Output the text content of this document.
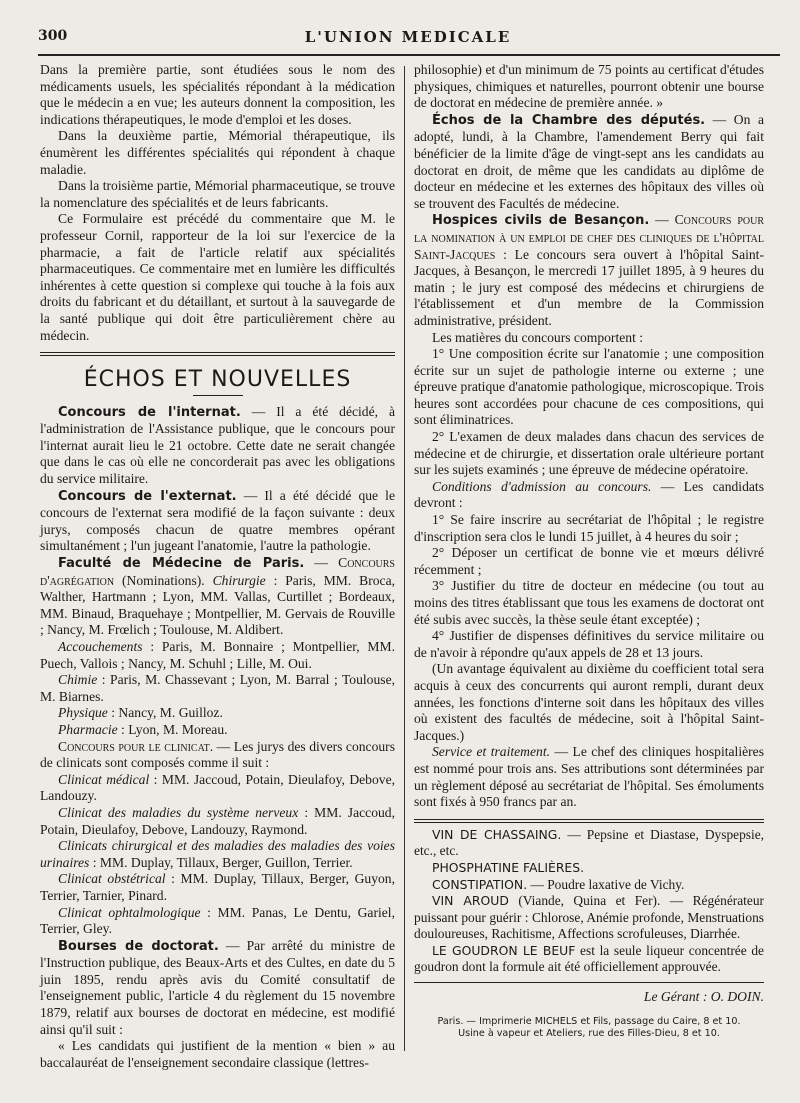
300	L'UNION MEDICALE

Dans la première partie, sont étudiées sous le nom des médicaments usuels, les spécialités répondant à la médication que le médecin a en vue; les auteurs donnent la composition, les indications thérapeutiques, le mode d'emploi et les doses.

Dans la deuxième partie, Mémorial thérapeutique, ils énumèrent les différentes spécialités qui répondent à chaque maladie.

Dans la troisième partie, Mémorial pharmaceutique, se trouve la nomenclature des spécialités et de leurs fabricants.

Ce Formulaire est précédé du commentaire que M. le professeur Cornil, rapporteur de la loi sur l'exercice de la pharmacie, a fait de l'article relatif aux spécialités pharmaceutiques. Ce commentaire met en lumière les difficultés inhérentes à cette question si complexe qui touche à la fois aux droits du fabricant et du détaillant, et surtout à la sauvegarde de la santé publique qui doit être particulièrement chère au médecin.

ÉCHOS ET NOUVELLES

Concours de l'internat. — Il a été décidé, à l'administration de l'Assistance publique, que le concours pour l'internat aurait lieu le 21 octobre. Cette date ne serait changée que dans le cas où elle ne concorderait pas avec les obligations du service militaire.

Concours de l'externat. — Il a été décidé que le concours de l'externat sera modifié de la façon suivante : deux jurys, composés chacun de quatre membres opérant simultanément ; l'un jugeant l'anatomie, l'autre la pathologie.

Faculté de Médecine de Paris. — Concours d'agrégation (Nominations). Chirurgie : Paris, MM. Broca, Walther, Hartmann ; Lyon, MM. Vallas, Curtillet ; Bordeaux, MM. Binaud, Braquehaye ; Montpellier, M. Gervais de Rouville ; Nancy, M. Frœlich ; Toulouse, M. Aldibert.

Accouchements : Paris, M. Bonnaire ; Montpellier, MM. Puech, Vallois ; Nancy, M. Schuhl ; Lille, M. Oui.

Chimie : Paris, M. Chassevant ; Lyon, M. Barral ; Toulouse, M. Biarnes.

Physique : Nancy, M. Guilloz.

Pharmacie : Lyon, M. Moreau.

Concours pour le clinicat. — Les jurys des divers concours de clinicats sont composés comme il suit :

Clinicat médical : MM. Jaccoud, Potain, Dieulafoy, Debove, Landouzy.

Clinicat des maladies du système nerveux : MM. Jaccoud, Potain, Dieulafoy, Debove, Landouzy, Raymond.

Clinicats chirurgical et des maladies des maladies des voies urinaires : MM. Duplay, Tillaux, Berger, Guillon, Terrier.

Clinicat obstétrical : MM. Duplay, Tillaux, Berger, Guyon, Terrier, Tarnier, Pinard.

Clinicat ophtalmologique : MM. Panas, Le Dentu, Gariel, Terrier, Gley.

Bourses de doctorat. — Par arrêté du ministre de l'Instruction publique, des Beaux-Arts et des Cultes, en date du 5 juin 1895, rendu après avis du Comité consultatif de l'enseignement public, l'article 4 du règlement du 15 novembre 1879, relatif aux bourses de doctorat en médecine, est modifié ainsi qu'il suit :

« Les candidats qui justifient de la mention « bien » au baccalauréat de l'enseignement secondaire classique (lettres-

philosophie) et d'un minimum de 75 points au certificat d'études physiques, chimiques et naturelles, pourront obtenir une bourse de doctorat en médecine de première année. »

Échos de la Chambre des députés. — On a adopté, lundi, à la Chambre, l'amendement Berry qui fait bénéficier de la limite d'âge de vingt-sept ans les candidats au doctorat en droit, de même que les candidats au diplôme de docteur en médecine et les externes des hôpitaux des villes où se trouvent des Facultés de médecine.

Hospices civils de Besançon. — Concours pour la nomination à un emploi de chef des cliniques de l'hôpital Saint-Jacques : Le concours sera ouvert à l'hôpital Saint-Jacques, à Besançon, le mercredi 17 juillet 1895, à 9 heures du matin ; le jury est composé des médecins et chirurgiens de l'établissement et d'un membre de la Commission administrative, président.

Les matières du concours comportent :

1° Une composition écrite sur l'anatomie ; une composition écrite sur un sujet de pathologie interne ou externe ; une épreuve pratique d'anatomie pathologique, microscopique. Trois heures sont accordées pour chacune de ces compositions, qui sont éliminatrices.

2° L'examen de deux malades dans chacun des services de médecine et de chirurgie, et dissertation orale ultérieure portant sur les sujets examinés ; une épreuve de médecine opératoire.

Conditions d'admission au concours. — Les candidats devront :

1° Se faire inscrire au secrétariat de l'hôpital ; le registre d'inscription sera clos le lundi 15 juillet, à 4 heures du soir ;

2° Déposer un certificat de bonne vie et mœurs délivré récemment ;

3° Justifier du titre de docteur en médecine (ou tout au moins des titres établissant que tous les examens de doctorat ont été subis avec succès, la thèse seule étant exceptée) ;

4° Justifier de dispenses définitives du service militaire ou de n'avoir à répondre qu'aux appels de 28 et 13 jours.

(Un avantage équivalent au dixième du coefficient total sera acquis à ceux des concurrents qui auront rempli, durant deux années, les fonctions d'interne soit dans les hôpitaux des villes où existent des facultés de médecine, soit à l'hôpital Saint-Jacques.)

Service et traitement. — Le chef des cliniques hospitalières est nommé pour trois ans. Ses attributions sont déterminées par un règlement déposé au secrétariat de l'hôpital. Ses émoluments sont fixés à 950 francs par an.

VIN DE CHASSAING. — Pepsine et Diastase, Dyspepsie, etc., etc.

PHOSPHATINE FALIÈRES.

CONSTIPATION. — Poudre laxative de Vichy.

VIN AROUD (Viande, Quina et Fer). — Régénérateur puissant pour guérir : Chlorose, Anémie profonde, Menstruations douloureuses, Rachitisme, Affections scrofuleuses, Diarrhée.

LE GOUDRON LE BEUF est la seule liqueur concentrée de goudron dont la formule ait été officiellement approuvée.

Le Gérant : O. DOIN.
Paris. — Imprimerie MICHELS et Fils, passage du Caire, 8 et 10.
Usine à vapeur et Ateliers, rue des Filles-Dieu, 8 et 10.
